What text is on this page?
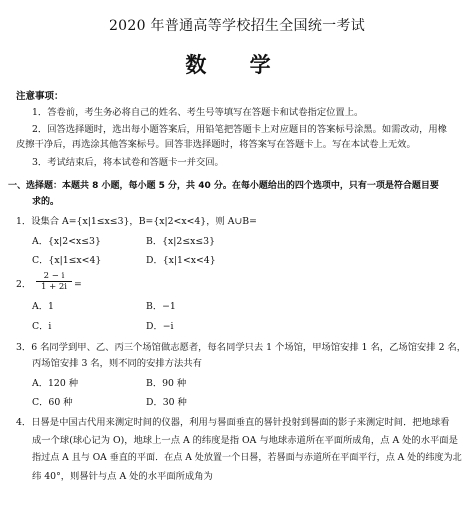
2020 年普通高等学校招生全国统一考试
数 学
注意事项：
1．答卷前，考生务必将自己的姓名、考生号等填写在答题卡和试卷指定位置上。
2．回答选择题时，选出每小题答案后，用铅笔把答题卡上对应题目的答案标号涂黑。如需改动，用橡
皮擦干净后，再选涂其他答案标号。回答非选择题时，将答案写在答题卡上。写在本试卷上无效。
3．考试结束后，将本试卷和答题卡一并交回。
一、选择题：本题共 8 小题，每小题 5 分，共 40 分。在每小题给出的四个选项中，只有一项是符合题目要
求的。
1．设集合 A={x|1≤x≤3}，B={x|2<x<4}，则 A∪B=
A．{x|2<x≤3}	B．{x|2≤x≤3}
C．{x|1≤x<4}	D．{x|1<x<4}
2． $\frac{2 - i}{1 + 2i}$ =
A．1	B．−1
C．i	D．−i
3．6 名同学到甲、乙、丙三个场馆做志愿者，每名同学只去 1 个场馆，甲场馆安排 1 名，乙场馆安排 2 名，
丙场馆安排 3 名，则不同的安排方法共有
A．120 种	B．90 种
C．60 种	D．30 种
4．日晷是中国古代用来测定时间的仪器，利用与晷面垂直的晷针投射到晷面的影子来测定时间．把地球看
成一个球(球心记为 O)，地球上一点 A 的纬度是指 OA 与地球赤道所在平面所成角，点 A 处的水平面是
指过点 A 且与 OA 垂直的平面．在点 A 处放置一个日晷，若晷面与赤道所在平面平行，点 A 处的纬度为北
纬 40°，则晷针与点 A 处的水平面所成角为
